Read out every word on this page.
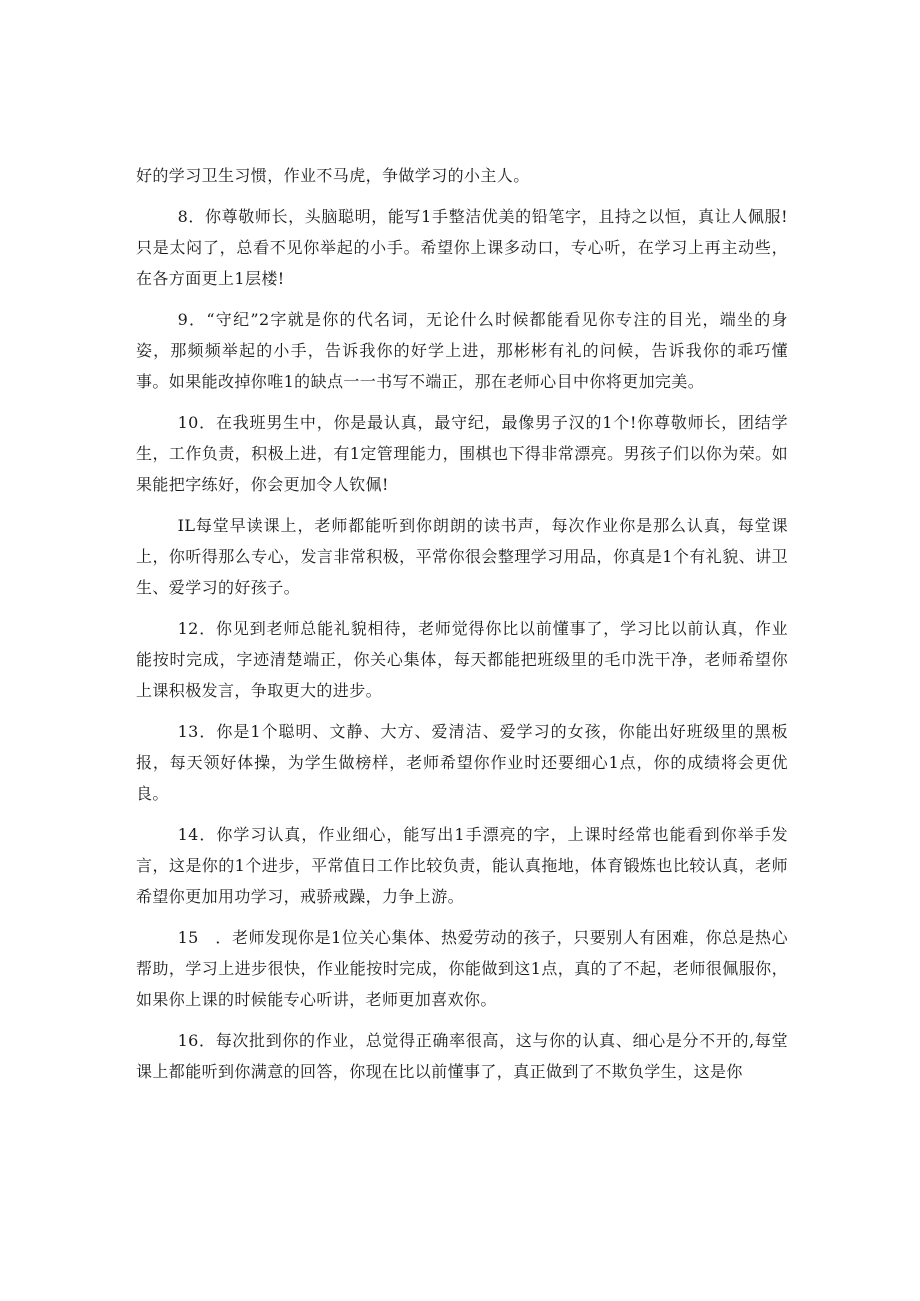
好的学习卫生习惯，作业不马虎，争做学习的小主人。

8．你尊敬师长，头脑聪明，能写1手整洁优美的铅笔字，且持之以恒，真让人佩服!只是太闷了，总看不见你举起的小手。希望你上课多动口，专心听，在学习上再主动些，在各方面更上1层楼!

9．“守纪”2字就是你的代名词，无论什么时候都能看见你专注的目光，端坐的身姿，那频频举起的小手，告诉我你的好学上进，那彬彬有礼的问候，告诉我你的乖巧懂事。如果能改掉你唯1的缺点一一书写不端正，那在老师心目中你将更加完美。

10．在我班男生中，你是最认真，最守纪，最像男子汉的1个!你尊敬师长，团结学生，工作负责，积极上进，有1定管理能力，围棋也下得非常漂亮。男孩子们以你为荣。如果能把字练好，你会更加令人钦佩!

IL每堂早读课上，老师都能听到你朗朗的读书声，每次作业你是那么认真，每堂课上，你听得那么专心，发言非常积极，平常你很会整理学习用品，你真是1个有礼貌、讲卫生、爱学习的好孩子。

12．你见到老师总能礼貌相待，老师觉得你比以前懂事了，学习比以前认真，作业能按时完成，字迹清楚端正，你关心集体，每天都能把班级里的毛巾洗干净，老师希望你上课积极发言，争取更大的进步。

13．你是1个聪明、文静、大方、爱清洁、爱学习的女孩，你能出好班级里的黑板报，每天领好体操，为学生做榜样，老师希望你作业时还要细心1点，你的成绩将会更优良。

14．你学习认真，作业细心，能写出1手漂亮的字，上课时经常也能看到你举手发言，这是你的1个进步，平常值日工作比较负责，能认真拖地，体育锻炼也比较认真，老师希望你更加用功学习，戒骄戒躁，力争上游。

15　．老师发现你是1位关心集体、热爱劳动的孩子，只要别人有困难，你总是热心帮助，学习上进步很快，作业能按时完成，你能做到这1点，真的了不起，老师很佩服你，如果你上课的时候能专心听讲，老师更加喜欢你。

16．每次批到你的作业，总觉得正确率很高，这与你的认真、细心是分不开的,每堂课上都能听到你满意的回答，你现在比以前懂事了，真正做到了不欺负学生，这是你
